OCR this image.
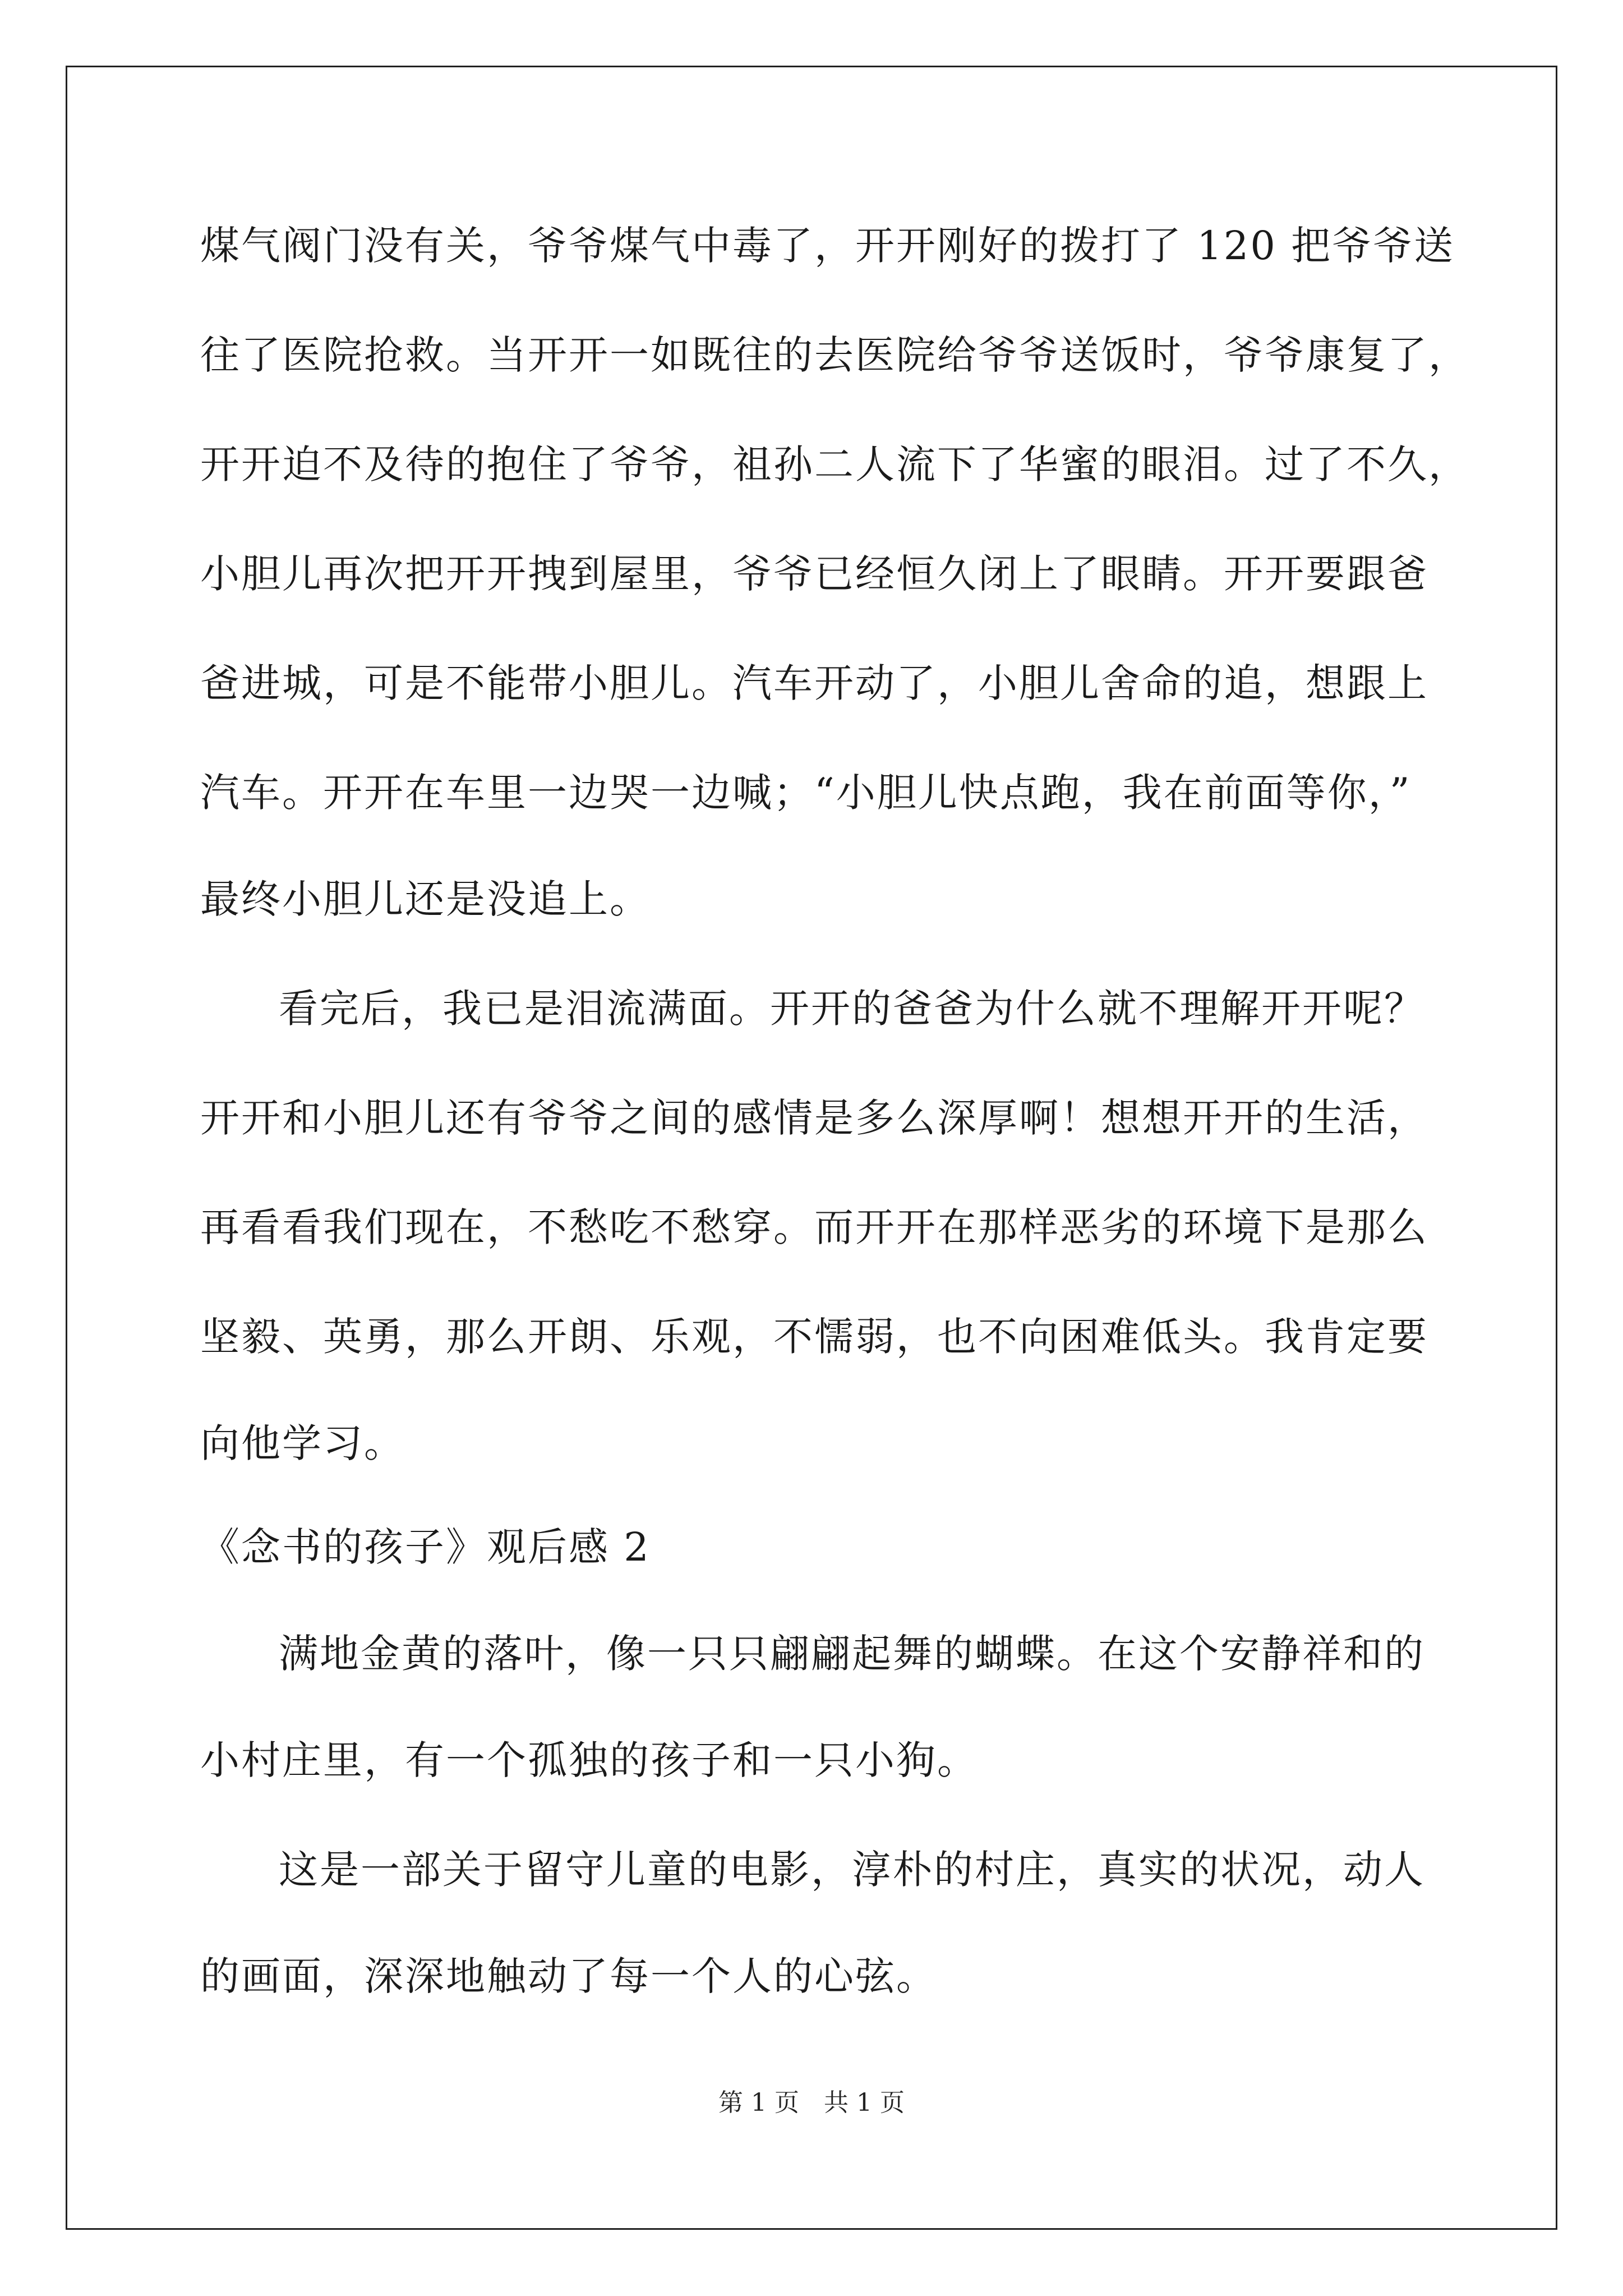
煤气阀门没有关，爷爷煤气中毒了，开开刚好的拨打了 120 把爷爷送
往了医院抢救。当开开一如既往的去医院给爷爷送饭时，爷爷康复了，
开开迫不及待的抱住了爷爷，祖孙二人流下了华蜜的眼泪。过了不久，
小胆儿再次把开开拽到屋里，爷爷已经恒久闭上了眼睛。开开要跟爸
爸进城，可是不能带小胆儿。汽车开动了，小胆儿舍命的追，想跟上
汽车。开开在车里一边哭一边喊；“小胆儿快点跑，我在前面等你，”
最终小胆儿还是没追上。
看完后，我已是泪流满面。开开的爸爸为什么就不理解开开呢？
开开和小胆儿还有爷爷之间的感情是多么深厚啊！想想开开的生活，
再看看我们现在，不愁吃不愁穿。而开开在那样恶劣的环境下是那么
坚毅、英勇，那么开朗、乐观，不懦弱，也不向困难低头。我肯定要
向他学习。
《念书的孩子》观后感 2
满地金黄的落叶，像一只只翩翩起舞的蝴蝶。在这个安静祥和的
小村庄里，有一个孤独的孩子和一只小狗。
这是一部关于留守儿童的电影，淳朴的村庄，真实的状况，动人
的画面，深深地触动了每一个人的心弦。
第 1 页　共 1 页
